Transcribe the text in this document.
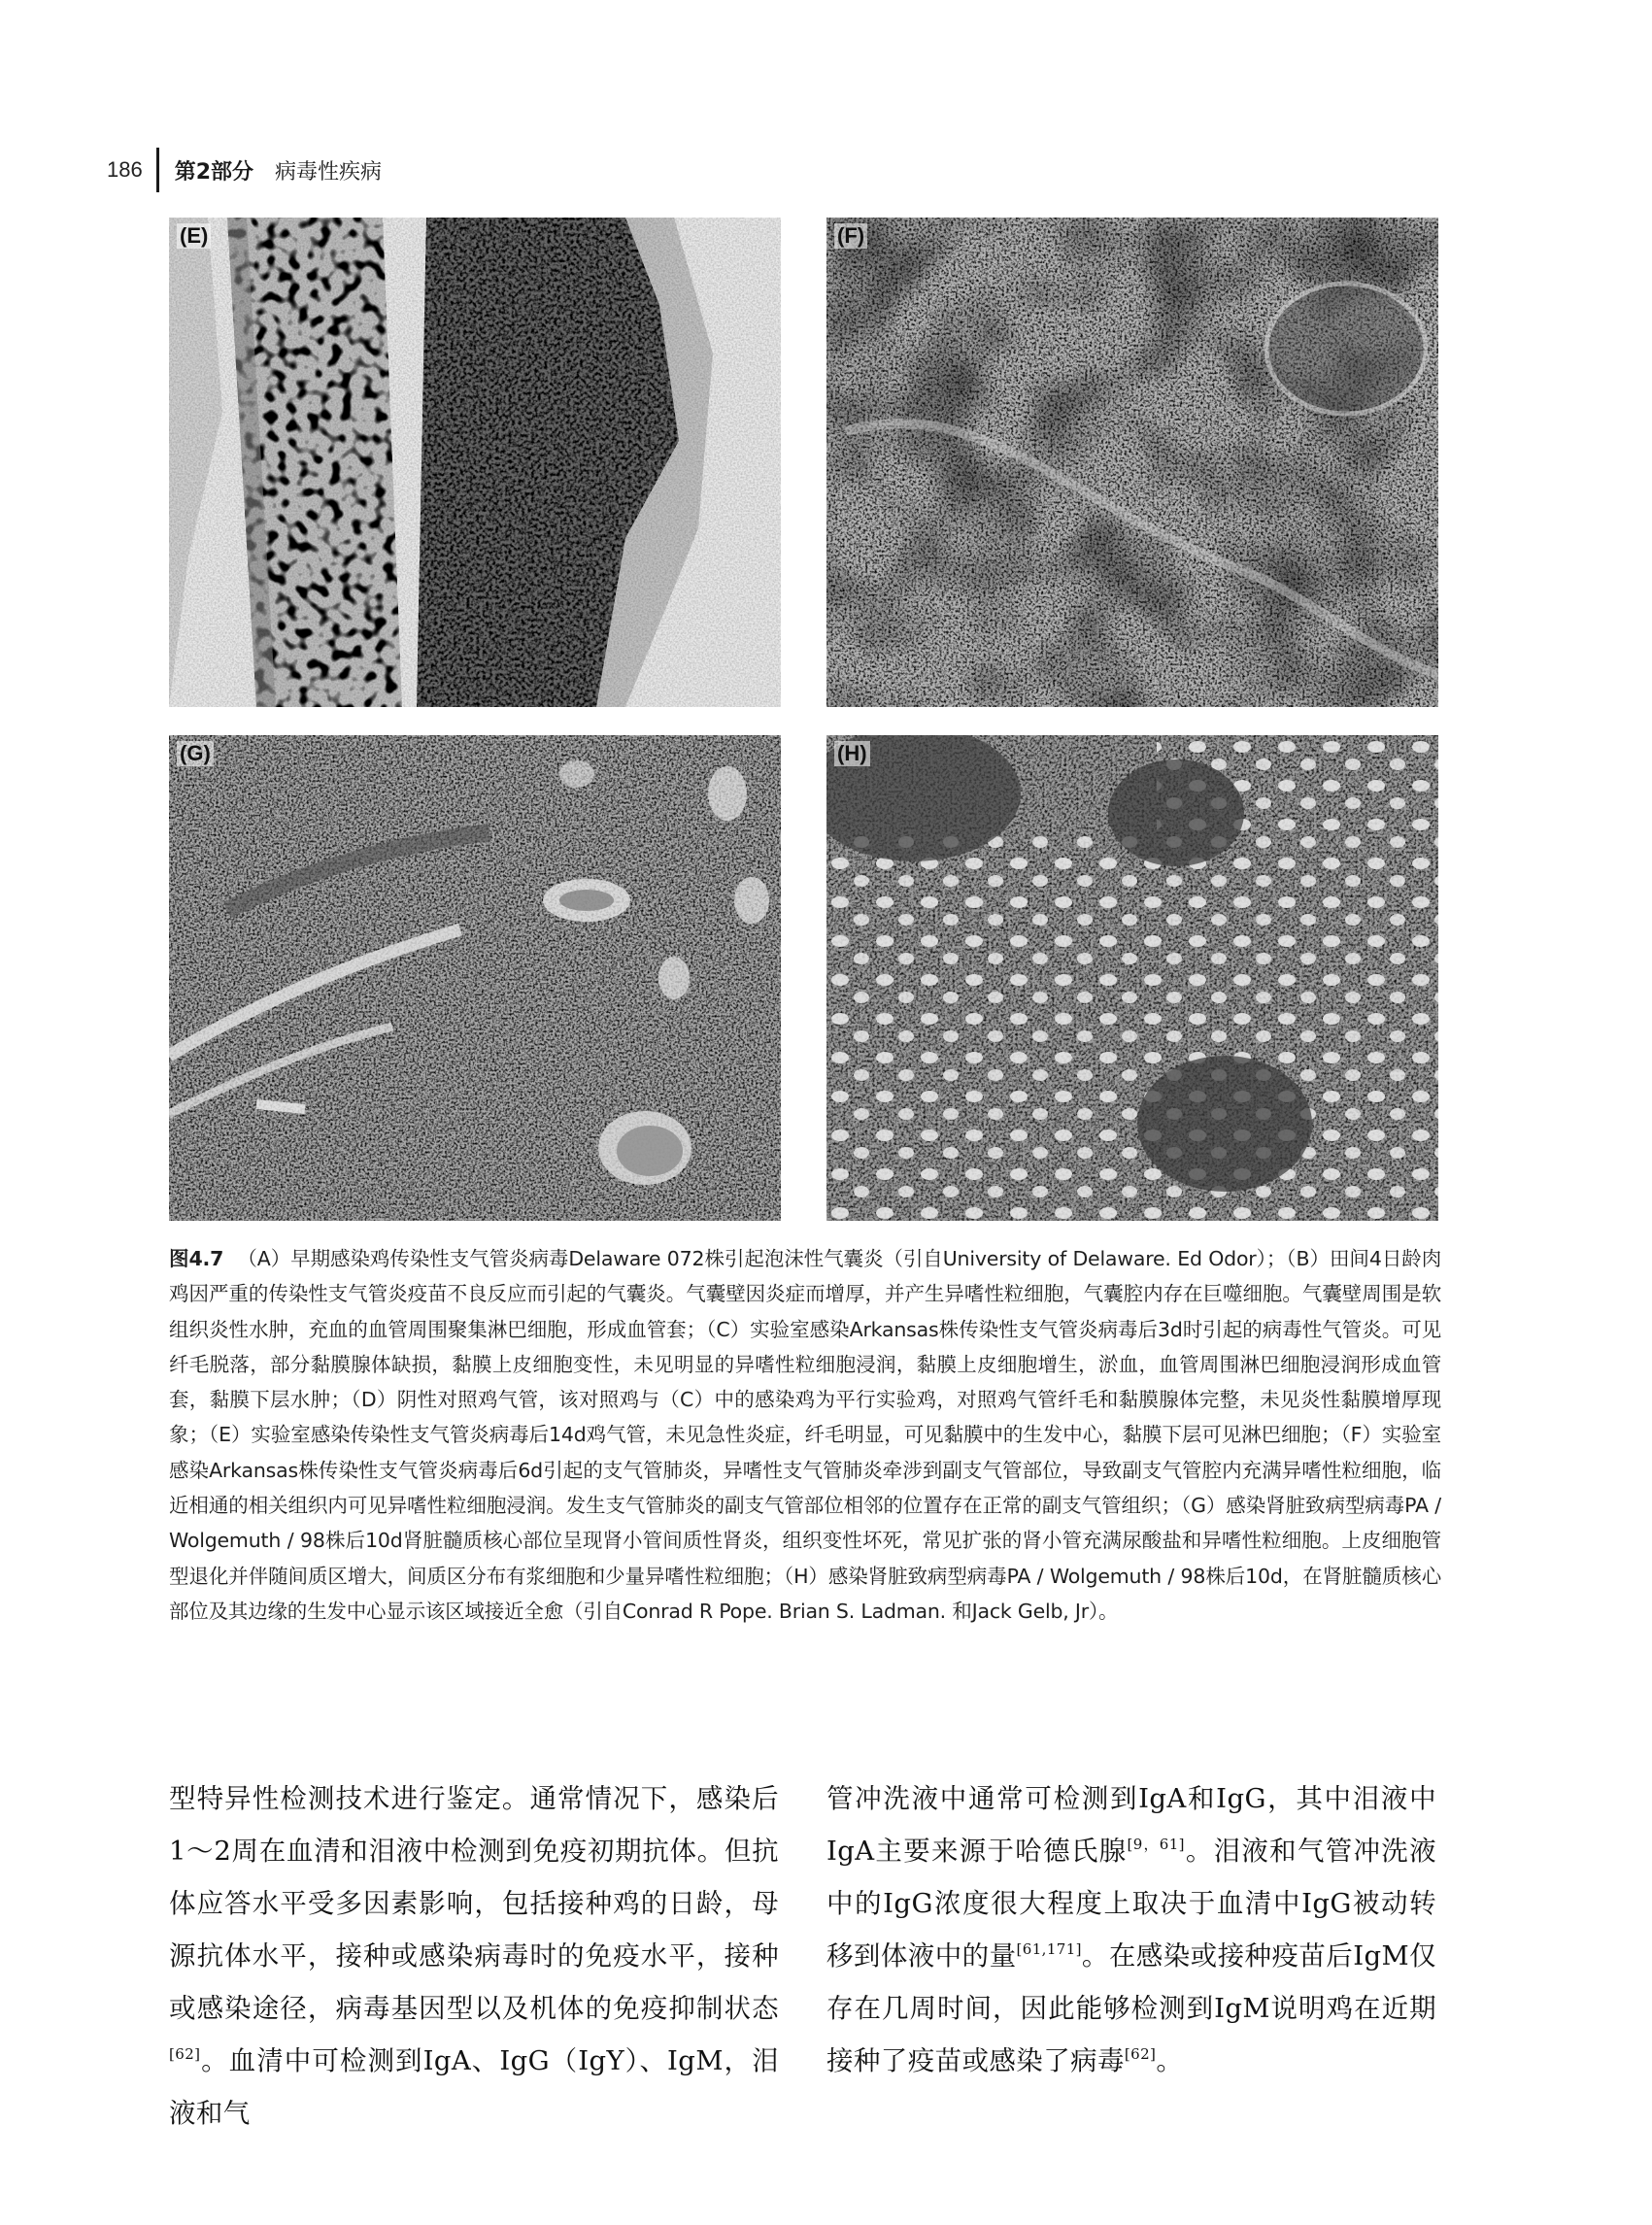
186	第2部分	病毒性疾病
(E)	(F)
(G)	(H)
图4.7 （A）早期感染鸡传染性支气管炎病毒Delaware 072株引起泡沫性气囊炎（引自University of Delaware. Ed Odor）；（B）田间4日龄肉鸡因严重的传染性支气管炎疫苗不良反应而引起的气囊炎。气囊壁因炎症而增厚，并产生异嗜性粒细胞，气囊腔内存在巨噬细胞。气囊壁周围是软组织炎性水肿，充血的血管周围聚集淋巴细胞，形成血管套；（C）实验室感染Arkansas株传染性支气管炎病毒后3d时引起的病毒性气管炎。可见纤毛脱落，部分黏膜腺体缺损，黏膜上皮细胞变性，未见明显的异嗜性粒细胞浸润，黏膜上皮细胞增生，淤血，血管周围淋巴细胞浸润形成血管套，黏膜下层水肿；（D）阴性对照鸡气管，该对照鸡与（C）中的感染鸡为平行实验鸡，对照鸡气管纤毛和黏膜腺体完整，未见炎性黏膜增厚现象；（E）实验室感染传染性支气管炎病毒后14d鸡气管，未见急性炎症，纤毛明显，可见黏膜中的生发中心，黏膜下层可见淋巴细胞；（F）实验室感染Arkansas株传染性支气管炎病毒后6d引起的支气管肺炎，异嗜性支气管肺炎牵涉到副支气管部位，导致副支气管腔内充满异嗜性粒细胞，临近相通的相关组织内可见异嗜性粒细胞浸润。发生支气管肺炎的副支气管部位相邻的位置存在正常的副支气管组织；（G）感染肾脏致病型病毒PA / Wolgemuth / 98株后10d肾脏髓质核心部位呈现肾小管间质性肾炎，组织变性坏死，常见扩张的肾小管充满尿酸盐和异嗜性粒细胞。上皮细胞管型退化并伴随间质区增大，间质区分布有浆细胞和少量异嗜性粒细胞；（H）感染肾脏致病型病毒PA / Wolgemuth / 98株后10d，在肾脏髓质核心部位及其边缘的生发中心显示该区域接近全愈（引自Conrad R Pope. Brian S. Ladman. 和Jack Gelb, Jr）。

型特异性检测技术进行鉴定。通常情况下，感染后1～2周在血清和泪液中检测到免疫初期抗体。但抗体应答水平受多因素影响，包括接种鸡的日龄，母源抗体水平，接种或感染病毒时的免疫水平，接种或感染途径，病毒基因型以及机体的免疫抑制状态[62]。血清中可检测到IgA、IgG（IgY）、IgM，泪液和气

管冲洗液中通常可检测到IgA和IgG，其中泪液中IgA主要来源于哈德氏腺[9，61]。泪液和气管冲洗液中的IgG浓度很大程度上取决于血清中IgG被动转移到体液中的量[61,171]。在感染或接种疫苗后IgM仅存在几周时间，因此能够检测到IgM说明鸡在近期接种了疫苗或感染了病毒[62]。
